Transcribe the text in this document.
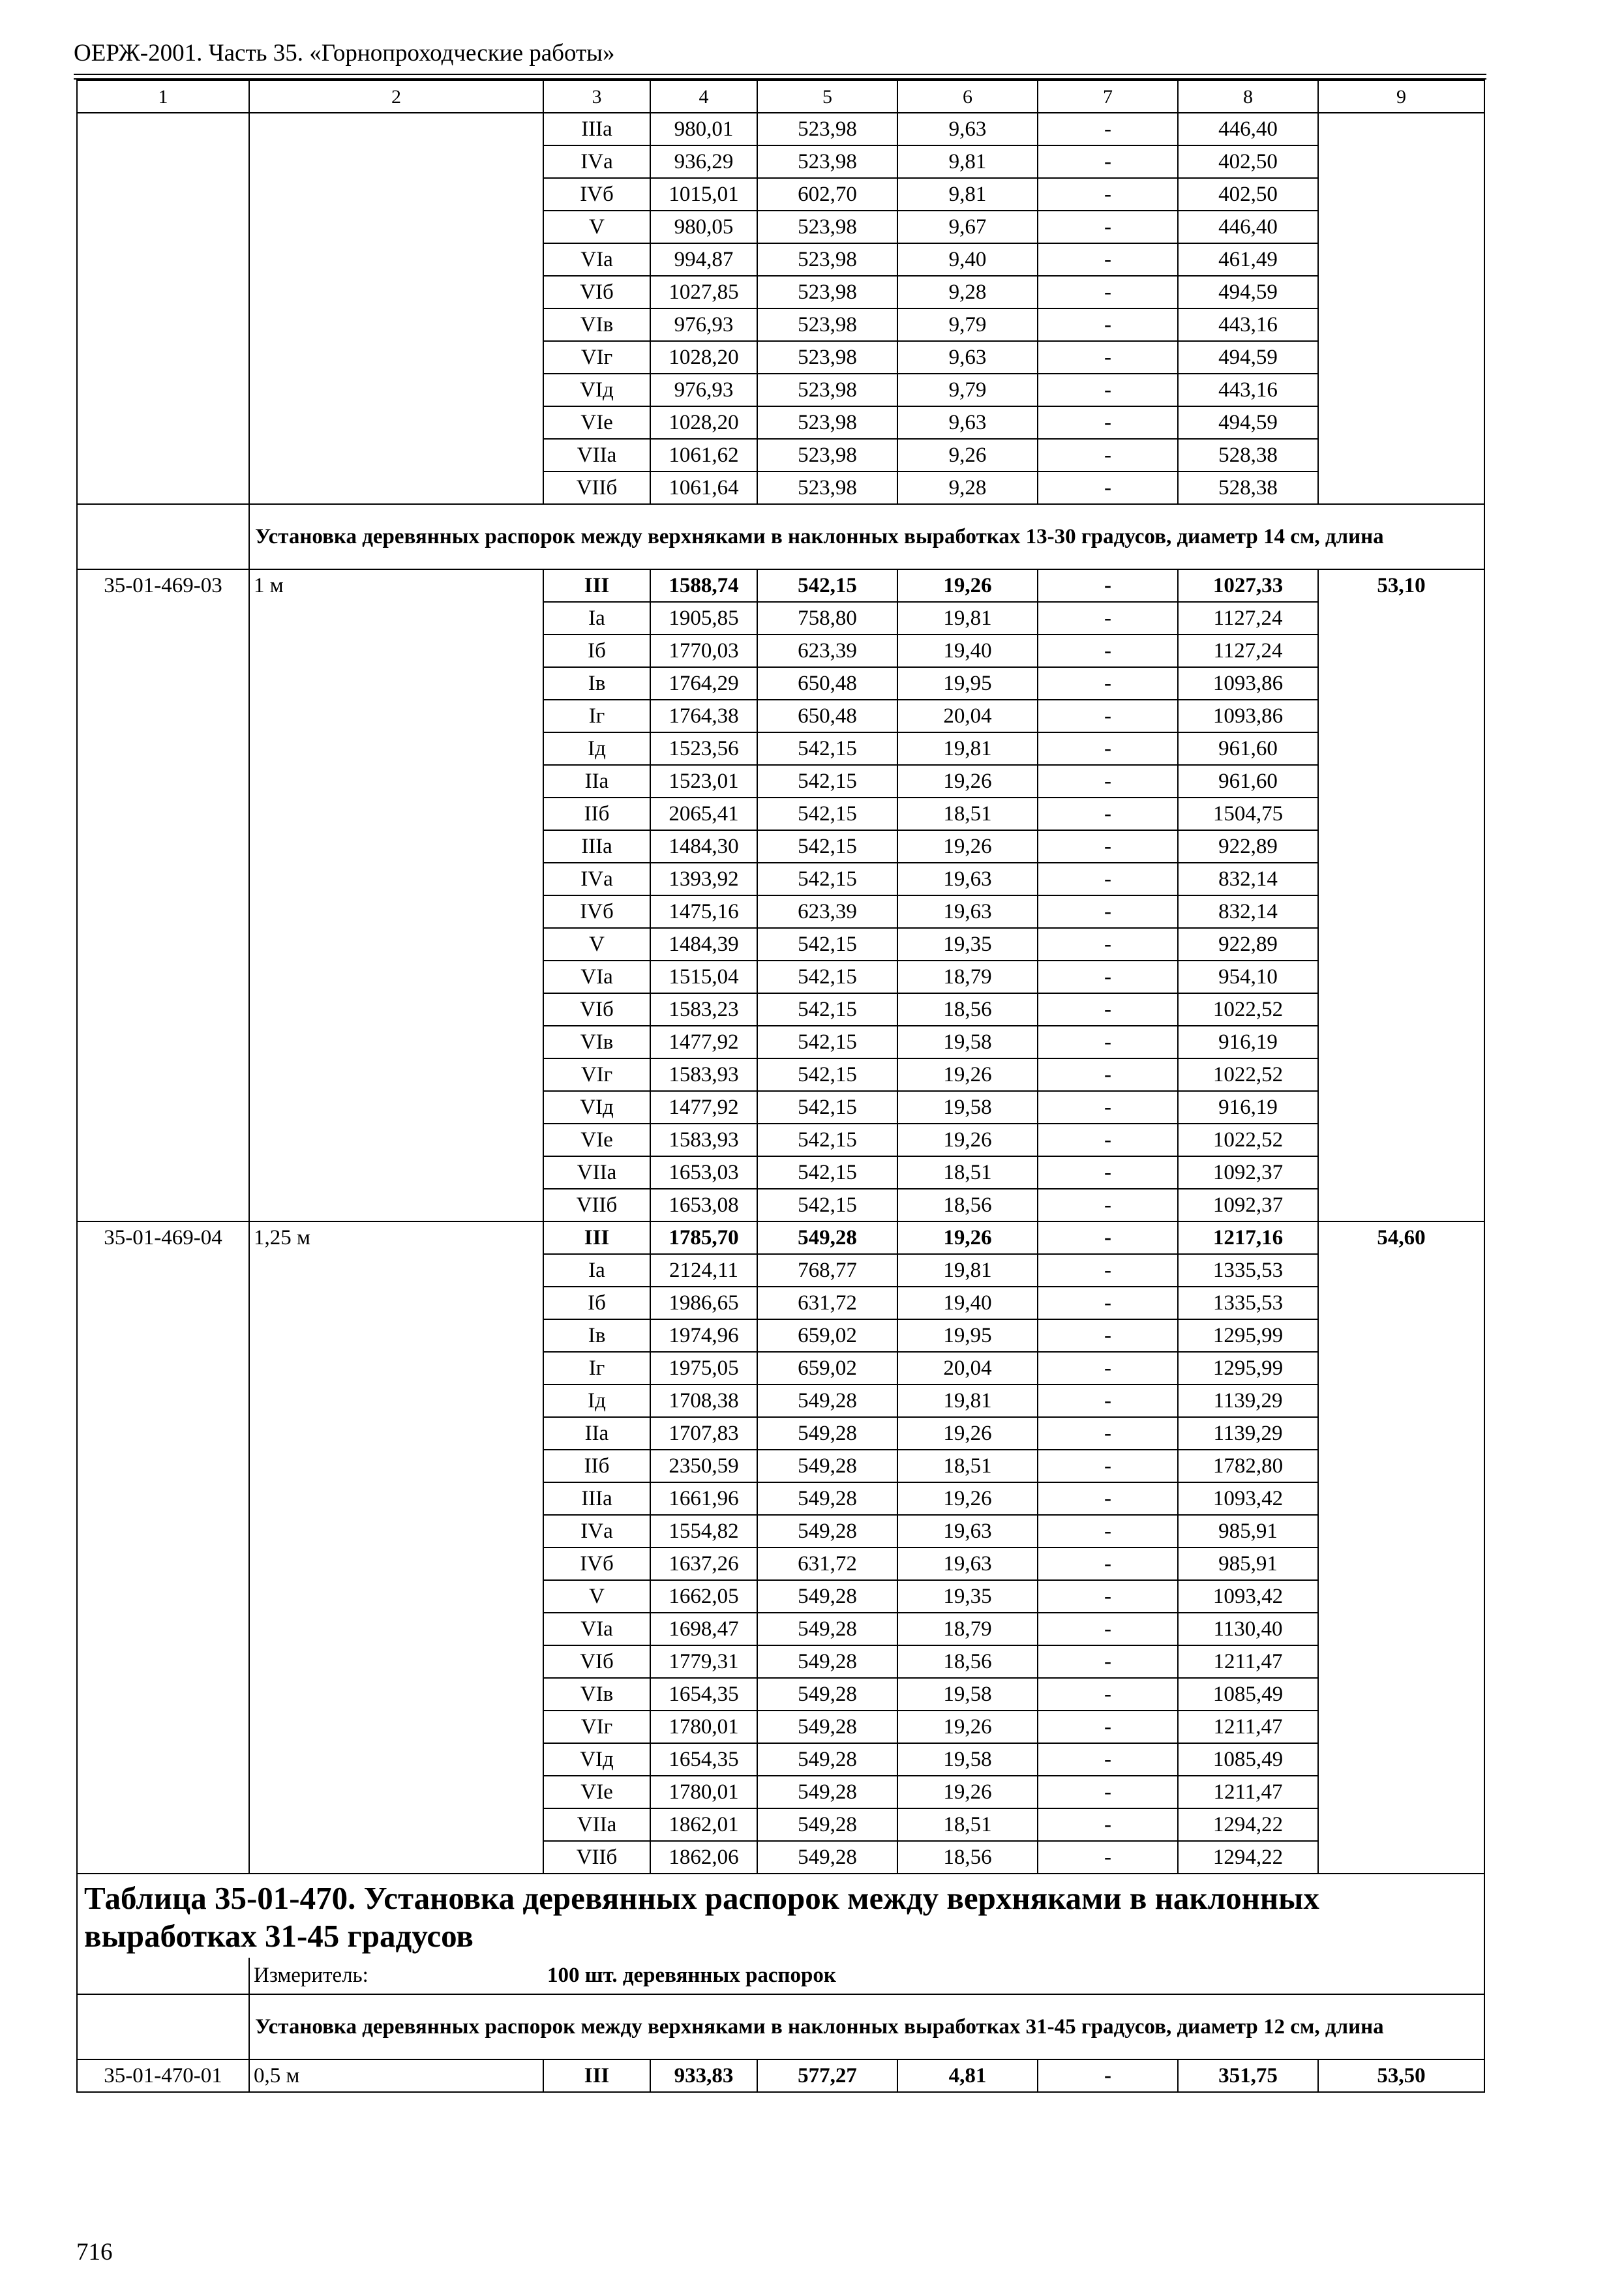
ОЕРЖ-2001. Часть 35. «Горнопроходческие работы»
1	2	3	4	5	6	7	8	9
		IIIа	980,01	523,98	9,63	-	446,40	
		IVа	936,29	523,98	9,81	-	402,50	
		IVб	1015,01	602,70	9,81	-	402,50	
		V	980,05	523,98	9,67	-	446,40	
		VIа	994,87	523,98	9,40	-	461,49	
		VIб	1027,85	523,98	9,28	-	494,59	
		VIв	976,93	523,98	9,79	-	443,16	
		VIг	1028,20	523,98	9,63	-	494,59	
		VIд	976,93	523,98	9,79	-	443,16	
		VIе	1028,20	523,98	9,63	-	494,59	
		VIIа	1061,62	523,98	9,26	-	528,38	
		VIIб	1061,64	523,98	9,28	-	528,38	
	Установка деревянных распорок между верхняками в наклонных выработках 13-30 градусов, диаметр 14 см, длина							
35-01-469-03	1 м	III	1588,74	542,15	19,26	-	1027,33	53,10
		Iа	1905,85	758,80	19,81	-	1127,24	
		Iб	1770,03	623,39	19,40	-	1127,24	
		Iв	1764,29	650,48	19,95	-	1093,86	
		Iг	1764,38	650,48	20,04	-	1093,86	
		Iд	1523,56	542,15	19,81	-	961,60	
		IIа	1523,01	542,15	19,26	-	961,60	
		IIб	2065,41	542,15	18,51	-	1504,75	
		IIIа	1484,30	542,15	19,26	-	922,89	
		IVа	1393,92	542,15	19,63	-	832,14	
		IVб	1475,16	623,39	19,63	-	832,14	
		V	1484,39	542,15	19,35	-	922,89	
		VIа	1515,04	542,15	18,79	-	954,10	
		VIб	1583,23	542,15	18,56	-	1022,52	
		VIв	1477,92	542,15	19,58	-	916,19	
		VIг	1583,93	542,15	19,26	-	1022,52	
		VIд	1477,92	542,15	19,58	-	916,19	
		VIе	1583,93	542,15	19,26	-	1022,52	
		VIIа	1653,03	542,15	18,51	-	1092,37	
		VIIб	1653,08	542,15	18,56	-	1092,37	
35-01-469-04	1,25 м	III	1785,70	549,28	19,26	-	1217,16	54,60
		Iа	2124,11	768,77	19,81	-	1335,53	
		Iб	1986,65	631,72	19,40	-	1335,53	
		Iв	1974,96	659,02	19,95	-	1295,99	
		Iг	1975,05	659,02	20,04	-	1295,99	
		Iд	1708,38	549,28	19,81	-	1139,29	
		IIа	1707,83	549,28	19,26	-	1139,29	
		IIб	2350,59	549,28	18,51	-	1782,80	
		IIIа	1661,96	549,28	19,26	-	1093,42	
		IVа	1554,82	549,28	19,63	-	985,91	
		IVб	1637,26	631,72	19,63	-	985,91	
		V	1662,05	549,28	19,35	-	1093,42	
		VIа	1698,47	549,28	18,79	-	1130,40	
		VIб	1779,31	549,28	18,56	-	1211,47	
		VIв	1654,35	549,28	19,58	-	1085,49	
		VIг	1780,01	549,28	19,26	-	1211,47	
		VIд	1654,35	549,28	19,58	-	1085,49	
		VIе	1780,01	549,28	19,26	-	1211,47	
		VIIа	1862,01	549,28	18,51	-	1294,22	
		VIIб	1862,06	549,28	18,56	-	1294,22	
Таблица 35-01-470. Установка деревянных распорок между верхняками в наклонных выработках 31-45 градусов								
	Измеритель:	100 шт. деревянных распорок						
	Установка деревянных распорок между верхняками в наклонных выработках 31-45 градусов, диаметр 12 см, длина							
35-01-470-01	0,5 м	III	933,83	577,27	4,81	-	351,75	53,50
716
